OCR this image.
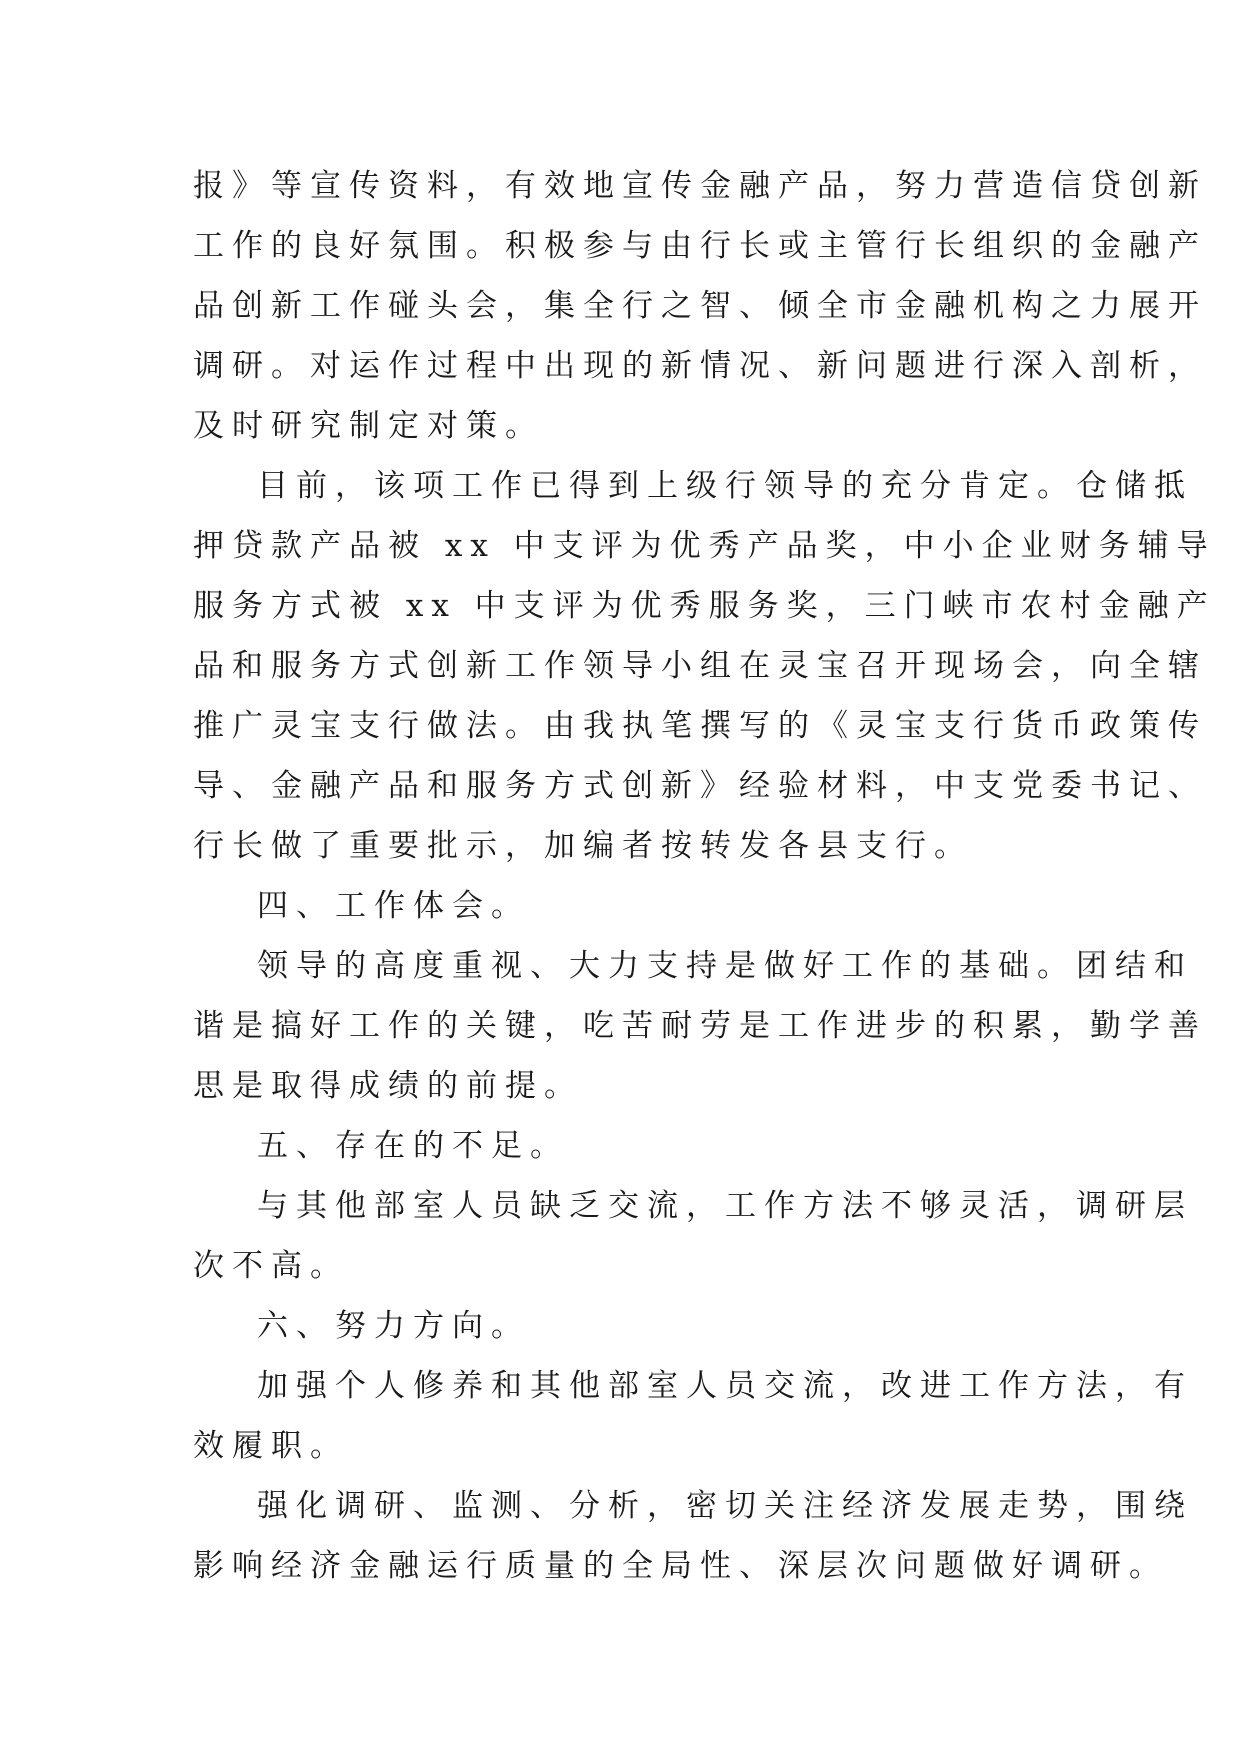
报》等宣传资料，有效地宣传金融产品，努力营造信贷创新
工作的良好氛围。积极参与由行长或主管行长组织的金融产
品创新工作碰头会，集全行之智、倾全市金融机构之力展开
调研。对运作过程中出现的新情况、新问题进行深入剖析，
及时研究制定对策。
目前，该项工作已得到上级行领导的充分肯定。仓储抵
押贷款产品被 xx 中支评为优秀产品奖，中小企业财务辅导
服务方式被 xx 中支评为优秀服务奖，三门峡市农村金融产
品和服务方式创新工作领导小组在灵宝召开现场会，向全辖
推广灵宝支行做法。由我执笔撰写的《灵宝支行货币政策传
导、金融产品和服务方式创新》经验材料，中支党委书记、
行长做了重要批示，加编者按转发各县支行。
四、工作体会。
领导的高度重视、大力支持是做好工作的基础。团结和
谐是搞好工作的关键，吃苦耐劳是工作进步的积累，勤学善
思是取得成绩的前提。
五、存在的不足。
与其他部室人员缺乏交流，工作方法不够灵活，调研层
次不高。
六、努力方向。
加强个人修养和其他部室人员交流，改进工作方法，有
效履职。
强化调研、监测、分析，密切关注经济发展走势，围绕
影响经济金融运行质量的全局性、深层次问题做好调研。
